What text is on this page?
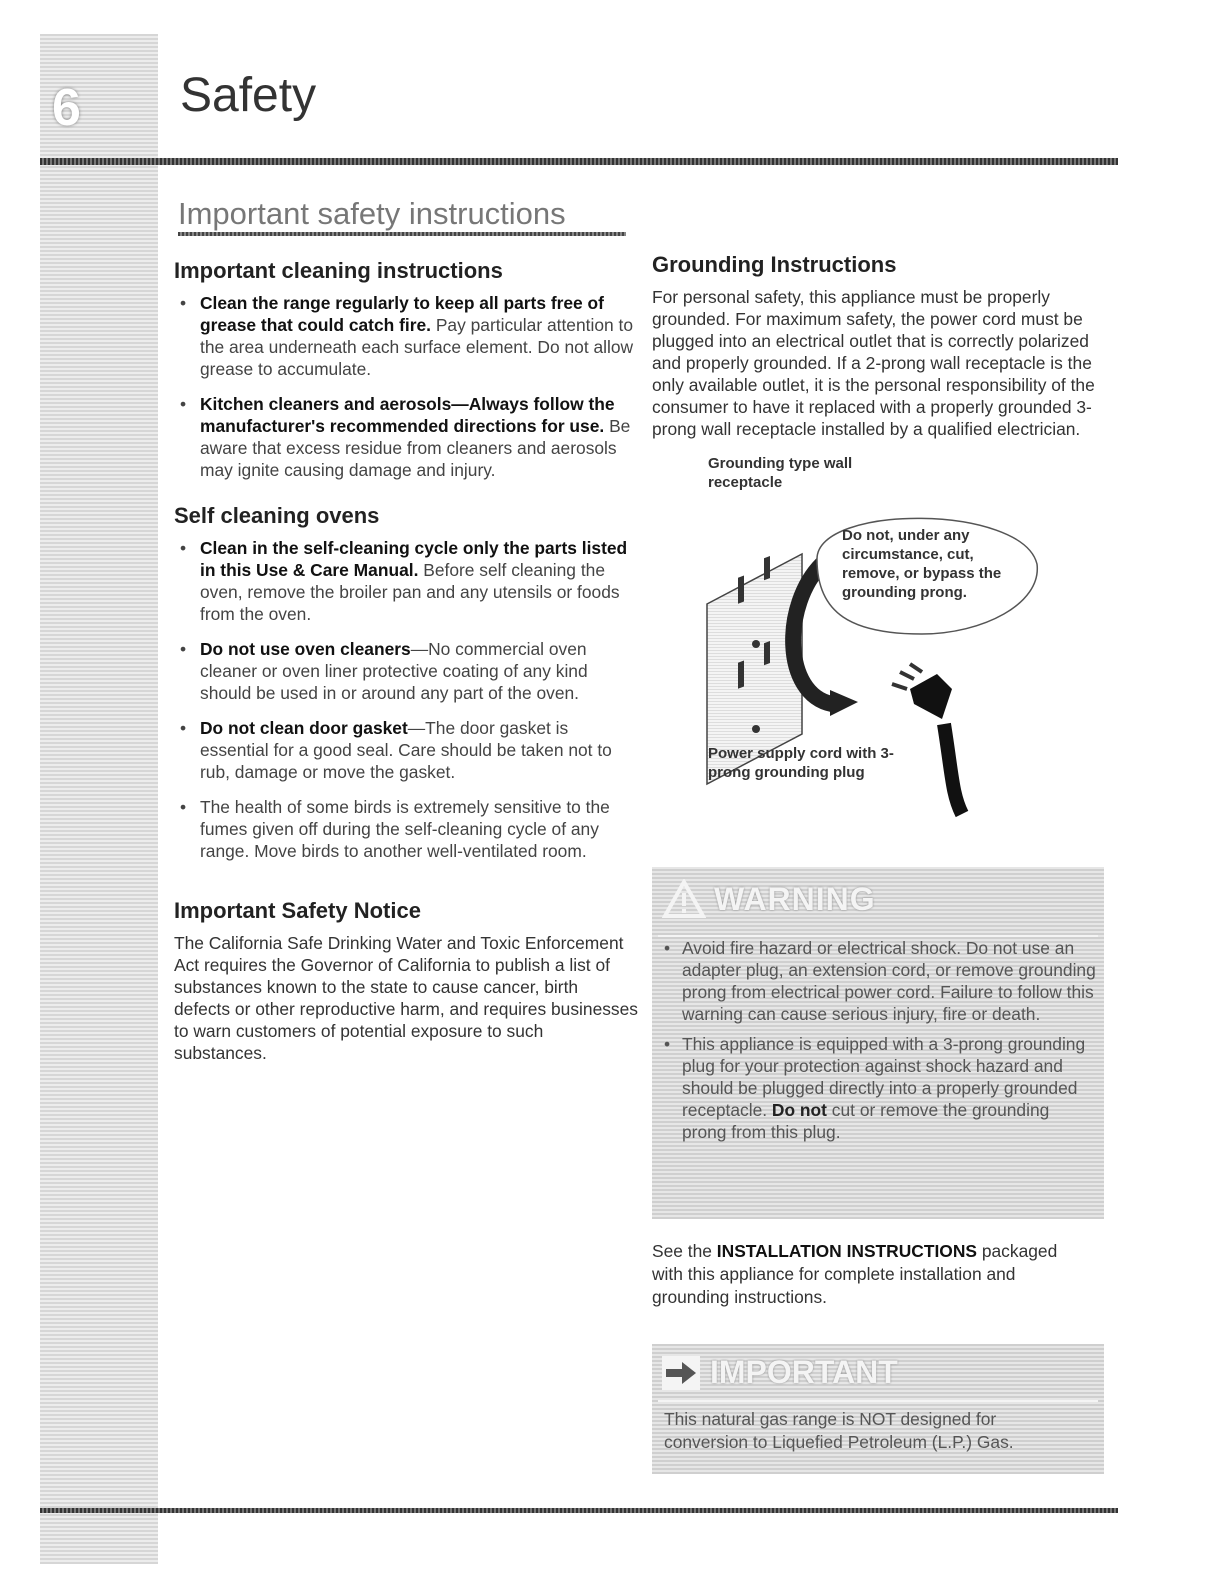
6 Safety
Important safety instructions
Important cleaning instructions
• Clean the range regularly to keep all parts free of grease that could catch fire. Pay particular attention to the area underneath each surface element. Do not allow grease to accumulate.
• Kitchen cleaners and aerosols—Always follow the manufacturer's recommended directions for use. Be aware that excess residue from cleaners and aerosols may ignite causing damage and injury.
Self cleaning ovens
• Clean in the self-cleaning cycle only the parts listed in this Use & Care Manual. Before self cleaning the oven, remove the broiler pan and any utensils or foods from the oven.
• Do not use oven cleaners—No commercial oven cleaner or oven liner protective coating of any kind should be used in or around any part of the oven.
• Do not clean door gasket—The door gasket is essential for a good seal. Care should be taken not to rub, damage or move the gasket.
• The health of some birds is extremely sensitive to the fumes given off during the self-cleaning cycle of any range. Move birds to another well-ventilated room.
Important Safety Notice

The California Safe Drinking Water and Toxic Enforcement Act requires the Governor of California to publish a list of substances known to the state to cause cancer, birth defects or other reproductive harm, and requires businesses to warn customers of potential exposure to such substances.

Grounding Instructions

For personal safety, this appliance must be properly grounded. For maximum safety, the power cord must be plugged into an electrical outlet that is correctly polarized and properly grounded. If a 2-prong wall receptacle is the only available outlet, it is the personal responsibility of the consumer to have it replaced with a properly grounded 3-prong wall receptacle installed by a qualified electrician.

Grounding type wall receptacle
Do not, under any circumstance, cut, remove, or bypass the grounding prong.
Power supply cord with 3-prong grounding plug
WARNING
• Avoid fire hazard or electrical shock. Do not use an adapter plug, an extension cord, or remove grounding prong from electrical power cord. Failure to follow this warning can cause serious injury, fire or death.
• This appliance is equipped with a 3-prong grounding plug for your protection against shock hazard and should be plugged directly into a properly grounded receptacle. Do not cut or remove the grounding prong from this plug.
See the INSTALLATION INSTRUCTIONS packaged with this appliance for complete installation and grounding instructions.
IMPORTANT
This natural gas range is NOT designed for conversion to Liquefied Petroleum (L.P.) Gas.
